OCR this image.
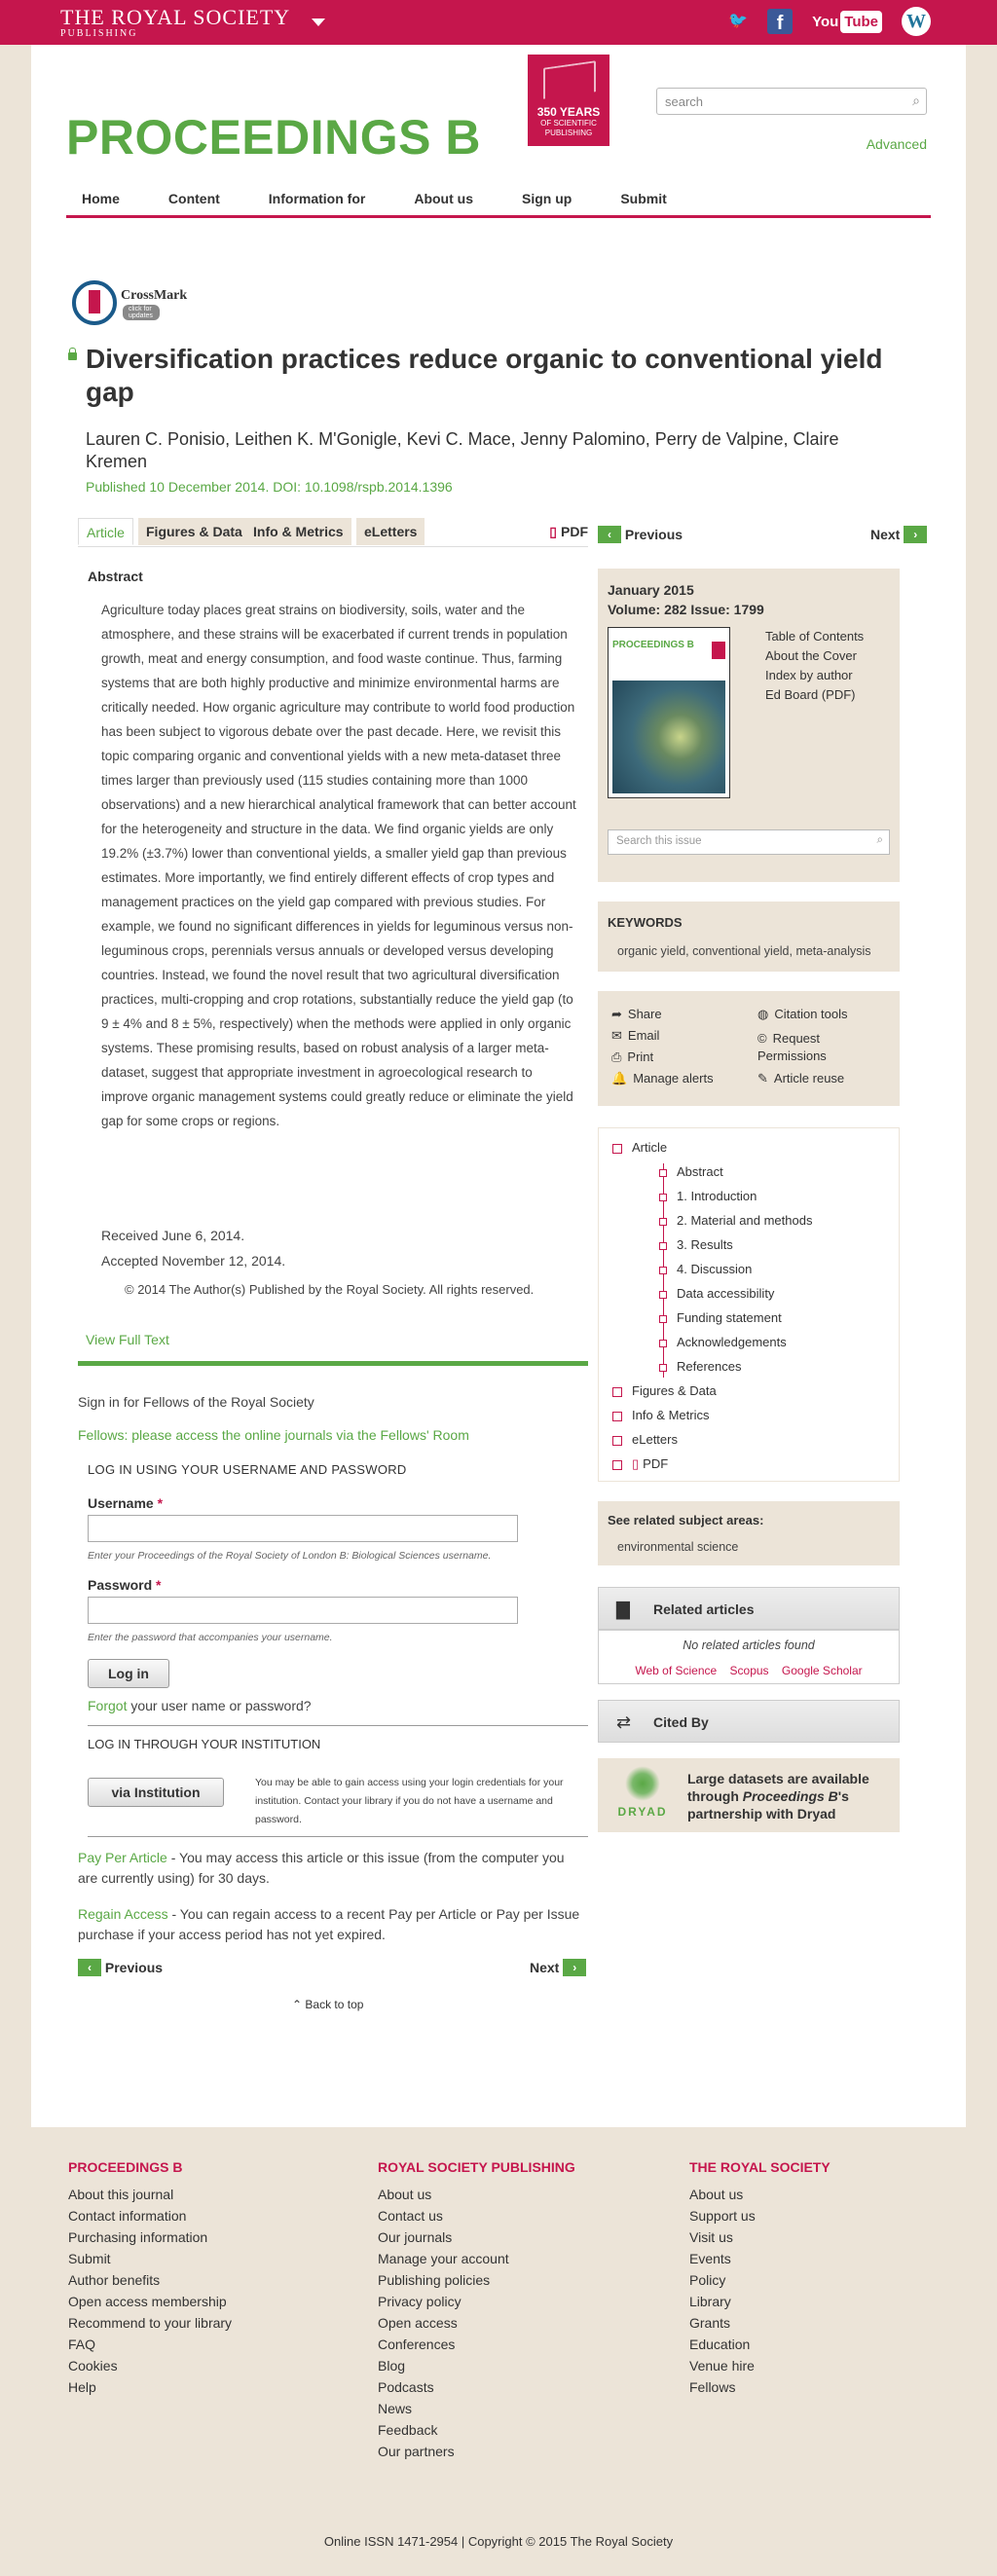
THE ROYAL SOCIETY
PUBLISHING
🐦	f	You Tube W
PROCEEDINGS B	350 YEARS
OF SCIENTIFIC
PUBLISHING
search	⌕
Advanced
Home	Content	Information for	About us	Sign up	Submit
CrossMark
click for updates
Diversification practices reduce organic to conventional yield gap
Lauren C. Ponisio, Leithen K. M'Gonigle, Kevi C. Mace, Jenny Palomino, Perry de Valpine, Claire Kremen
Published 10 December 2014. DOI: 10.1098/rspb.2014.1396
Article	Figures & Data Info & Metrics	eLetters	▯ PDF
Abstract

Agriculture today places great strains on biodiversity, soils, water and the atmosphere, and these strains will be exacerbated if current trends in population growth, meat and energy consumption, and food waste continue. Thus, farming systems that are both highly productive and minimize environmental harms are critically needed. How organic agriculture may contribute to world food production has been subject to vigorous debate over the past decade. Here, we revisit this topic comparing organic and conventional yields with a new meta-dataset three times larger than previously used (115 studies containing more than 1000 observations) and a new hierarchical analytical framework that can better account for the heterogeneity and structure in the data. We find organic yields are only 19.2% (±3.7%) lower than conventional yields, a smaller yield gap than previous estimates. More importantly, we find entirely different effects of crop types and management practices on the yield gap compared with previous studies. For example, we found no significant differences in yields for leguminous versus non-leguminous crops, perennials versus annuals or developed versus developing countries. Instead, we found the novel result that two agricultural diversification practices, multi-cropping and crop rotations, substantially reduce the yield gap (to 9 ± 4% and 8 ± 5%, respectively) when the methods were applied in only organic systems. These promising results, based on robust analysis of a larger meta-dataset, suggest that appropriate investment in agroecological research to improve organic management systems could greatly reduce or eliminate the yield gap for some crops or regions.

Received June 6, 2014.
Accepted November 12, 2014.
© 2014 The Author(s) Published by the Royal Society. All rights reserved.
View Full Text
Sign in for Fellows of the Royal Society
Fellows: please access the online journals via the Fellows' Room
LOG IN USING YOUR USERNAME AND PASSWORD
Username *
Enter your Proceedings of the Royal Society of London B: Biological Sciences username.
Password *
Enter the password that accompanies your username.
Log in
Forgot your user name or password?
LOG IN THROUGH YOUR INSTITUTION
via Institution
You may be able to gain access using your login credentials for your institution. Contact your library if you do not have a username and password.

Pay Per Article - You may access this article or this issue (from the computer you are currently using) for 30 days.

Regain Access - You can regain access to a recent Pay per Article or Pay per Issue purchase if your access period has not yet expired.

‹
Previous	Next
	›
⌃ Back to top
‹
Previous	Next
	›
January 2015
Volume: 282 Issue: 1799
PROCEEDINGS B
Table of Contents
About the Cover
Index by author
Ed Board (PDF)
Search this issue	⌕
KEYWORDS
organic yield, conventional yield, meta-analysis
➦ Share
✉ Email
⎙ Print
🔔 Manage alerts
◍ Citation tools
© Request Permissions
✎ Article reuse
Article
Abstract
1. Introduction
2. Material and methods
3. Results
4. Discussion
Data accessibility
Funding statement
Acknowledgements
References
Figures & Data
Info & Metrics
eLetters
▯ PDF
See related subject areas:
environmental science
▇ Related articles
No related articles found
Web of Science Scopus Google Scholar
⇄ Cited By
DRYAD
Large datasets are available through Proceedings B's partnership with Dryad
PROCEEDINGS B
About this journal
Contact information
Purchasing information
Submit
Author benefits
Open access membership
Recommend to your library
FAQ
Cookies
Help
ROYAL SOCIETY PUBLISHING
About us
Contact us
Our journals
Manage your account
Publishing policies
Privacy policy
Open access
Conferences
Blog
Podcasts
News
Feedback
Our partners
THE ROYAL SOCIETY
About us
Support us
Visit us
Events
Policy
Library
Grants
Education
Venue hire
Fellows
Online ISSN 1471-2954 | Copyright © 2015 The Royal Society
